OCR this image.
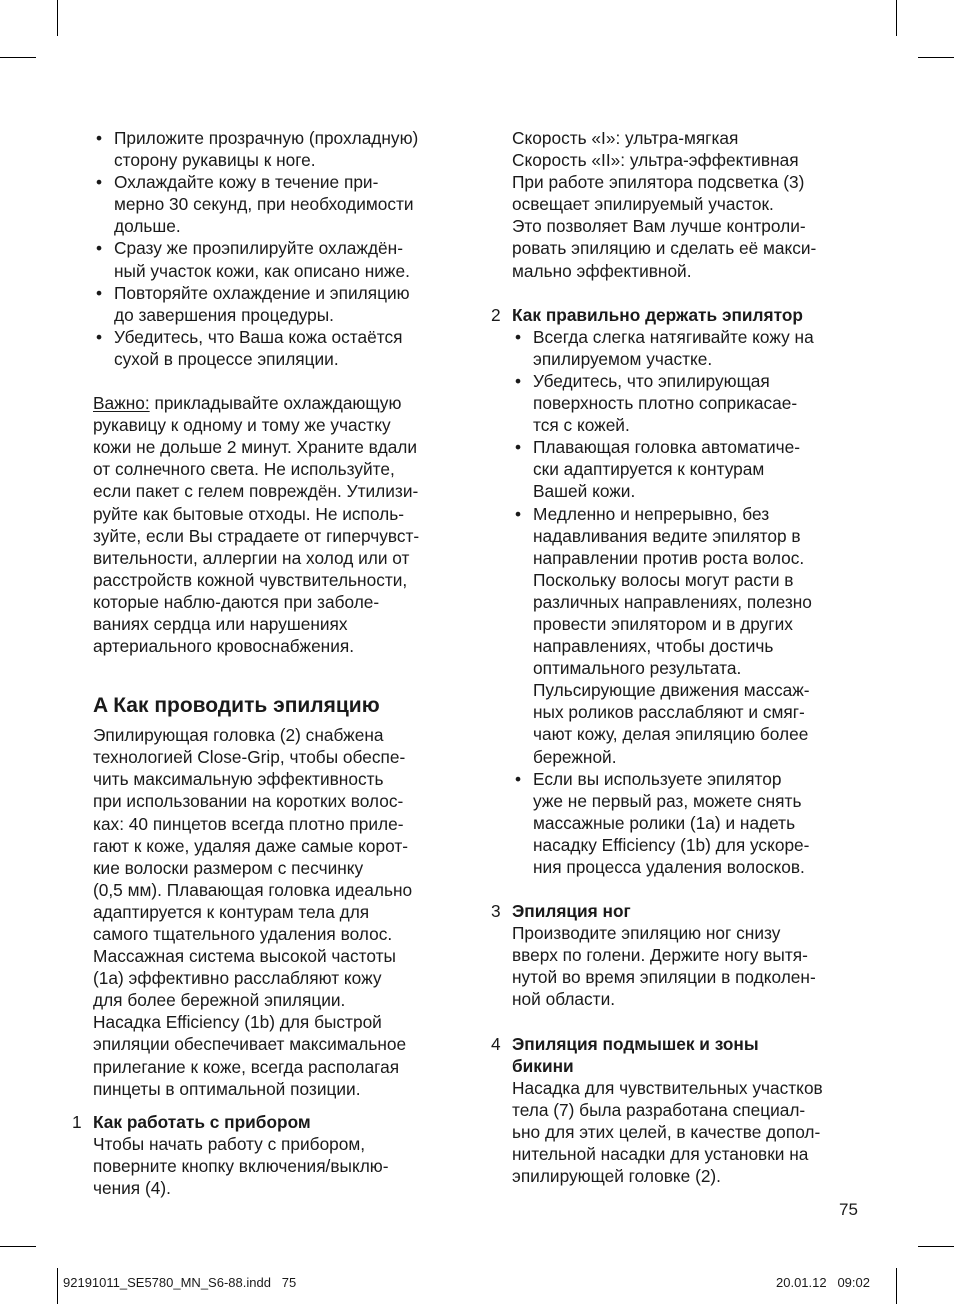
• Приложите прозрачную (прохладную)
сторону рукавицы к ноге.
• Охлаждайте кожу в течение при-
мерно 30 секунд, при необходимости
дольше.
• Сразу же проэпилируйте охлаждён-
ный участок кожи, как описано ниже.
• Повторяйте охлаждение и эпиляцию
до завершения процедуры.
• Убедитесь, что Ваша кожа остаётся
сухой в процессе эпиляции.
Важно: прикладывайте охлаждающую
рукавицу к одному и тому же участку
кожи не дольше 2 минут. Храните вдали
от солнечного света. Не используйте,
если пакет с гелем повреждён. Утилизи-
руйте как бытовые отходы. Не исполь-
зуйте, если Вы страдаете от гиперчувст-
вительности, аллергии на холод или от
расстройств кожной чувствительности,
которые наблю-даются при заболе-
ваниях сердца или нарушениях
артериального кровоснабжения.
A Как проводить эпиляцию
Эпилирующая головка (2) снабжена
технологией Close-Grip, чтобы обеспе-
чить максимальную эффективность
при использовании на коротких волос-
ках: 40 пинцетов всегда плотно приле-
гают к коже, удаляя даже самые корот-
кие волоски размером с песчинку
(0,5 мм). Плавающая головка идеально
адаптируется к контурам тела для
самого тщательного удаления волос.
Массажная система высокой частоты
(1a) эффективно расслабляют кожу
для более бережной эпиляции.
Насадка Efficiency (1b) для быстрой
эпиляции обеспечивает максимальное
прилегание к коже, всегда располагая
пинцеты в оптимальной позиции.
1 Как работать с прибором
Чтобы начать работу с прибором,
поверните кнопку включения/выклю-
чения (4).
Скорость «I»: ультра-мягкая
Скорость «II»: ультра-эффективная
При работе эпилятора подсветка (3)
освещает эпилируемый участок.
Это позволяет Вам лучше контроли-
ровать эпиляцию и сделать её макси-
мально эффективной.
2 Как правильно держать эпилятор
• Всегда слегка натягивайте кожу на
эпилируемом участке.
• Убедитесь, что эпилирующая
поверхность плотно соприкасае-
тся с кожей.
• Плавающая головка автоматиче-
ски адаптируется к контурам
Вашей кожи.
• Медленно и непрерывно, без
надавливания ведите эпилятор в
направлении против роста волос.
Поскольку волосы могут расти в
различных направлениях, полезно
провести эпилятором и в других
направлениях, чтобы достичь
оптимального результата.
Пульсирующие движения массаж-
ных роликов расслабляют и смяг-
чают кожу, делая эпиляцию более
бережной.
• Если вы используете эпилятор
уже не первый раз, можете снять
массажные ролики (1a) и надеть
насадку Efficiency (1b) для ускоре-
ния процесса удаления волосков.
3 Эпиляция ног
Производите эпиляцию ног снизу
вверх по голени. Держите ногу вытя-
нутой во время эпиляции в подколен-
ной области.
4 Эпиляция подмышек и зоны
бикини
Насадка для чувствительных участков
тела (7) была разработана специал-
ьно для этих целей, в качестве допол-
нительной насадки для установки на
эпилирующей головке (2).
75
92191011_SE5780_MN_S6-88.indd   75	20.01.12   09:02
